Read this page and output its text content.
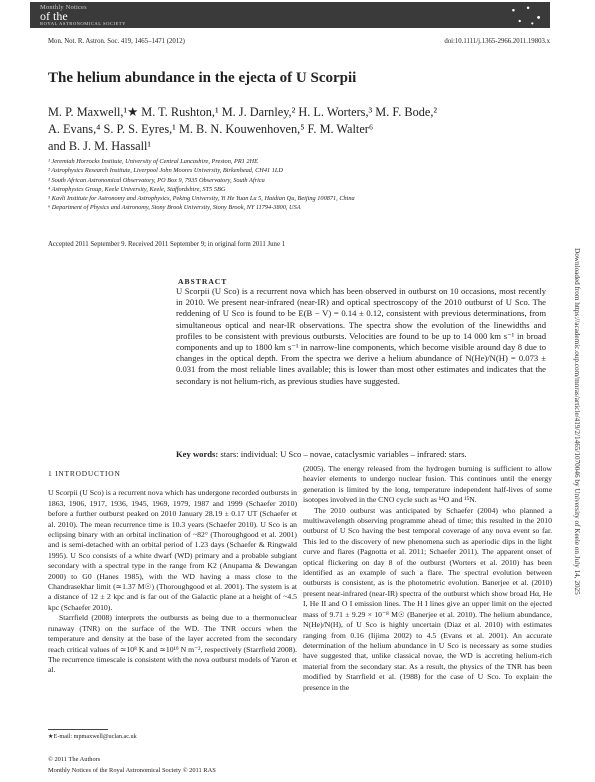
Monthly Notices
of the
ROYAL ASTRONOMICAL SOCIETY
Mon. Not. R. Astron. Soc. 419, 1465–1471 (2012)	doi:10.1111/j.1365-2966.2011.19803.x
The helium abundance in the ejecta of U Scorpii
M. P. Maxwell,¹★ M. T. Rushton,¹ M. J. Darnley,² H. L. Worters,³ M. F. Bode,²
A. Evans,⁴ S. P. S. Eyres,¹ M. B. N. Kouwenhoven,⁵ F. M. Walter⁶
and B. J. M. Hassall¹
¹ Jeremiah Horrocks Institute, University of Central Lancashire, Preston, PR1 2HE
² Astrophysics Research Institute, Liverpool John Moores University, Birkenhead, CH41 1LD
³ South African Astronomical Observatory, PO Box 9, 7935 Observatory, South Africa
⁴ Astrophysics Group, Keele University, Keele, Staffordshire, ST5 5BG
⁵ Kavli Institute for Astronomy and Astrophysics, Peking University, Yi He Yuan Lu 5, Haidian Qu, Beijing 100871, China
⁶ Department of Physics and Astronomy, Stony Brook University, Stony Brook, NY 11794-3800, USA
Accepted 2011 September 9. Received 2011 September 9; in original form 2011 June 1
ABSTRACT
U Scorpii (U Sco) is a recurrent nova which has been observed in outburst on 10 occasions, most recently in 2010. We present near-infrared (near-IR) and optical spectroscopy of the 2010 outburst of U Sco. The reddening of U Sco is found to be E(B − V) = 0.14 ± 0.12, consistent with previous determinations, from simultaneous optical and near-IR observations. The spectra show the evolution of the linewidths and profiles to be consistent with previous outbursts. Velocities are found to be up to 14 000 km s⁻¹ in broad components and up to 1800 km s⁻¹ in narrow-line components, which become visible around day 8 due to changes in the optical depth. From the spectra we derive a helium abundance of N(He)/N(H) = 0.073 ± 0.031 from the most reliable lines available; this is lower than most other estimates and indicates that the secondary is not helium-rich, as previous studies have suggested.
Key words: stars: individual: U Sco – novae, cataclysmic variables – infrared: stars.
1 INTRODUCTION

U Scorpii (U Sco) is a recurrent nova which has undergone recorded outbursts in 1863, 1906, 1917, 1936, 1945, 1969, 1979, 1987 and 1999 (Schaefer 2010) before a further outburst peaked on 2010 January 28.19 ± 0.17 UT (Schaefer et al. 2010). The mean recurrence time is 10.3 years (Schaefer 2010). U Sco is an eclipsing binary with an orbital inclination of ~82° (Thoroughgood et al. 2001) and is semi-detached with an orbital period of 1.23 days (Schaefer & Ringwald 1995). U Sco consists of a white dwarf (WD) primary and a probable subgiant secondary with a spectral type in the range from K2 (Anupama & Dewangan 2000) to G0 (Hanes 1985), with the WD having a mass close to the Chandrasekhar limit (≃1.37 M☉) (Thoroughgood et al. 2001). The system is at a distance of 12 ± 2 kpc and is far out of the Galactic plane at a height of ~4.5 kpc (Schaefer 2010).

Starrfield (2008) interprets the outbursts as being due to a thermonuclear runaway (TNR) on the surface of the WD. The TNR occurs when the temperature and density at the base of the layer accreted from the secondary reach critical values of ≃10⁸ K and ≃10¹⁹ N m⁻², respectively (Starrfield 2008). The recurrence timescale is consistent with the nova outburst models of Yaron et al.

(2005). The energy released from the hydrogen burning is sufficient to allow heavier elements to undergo nuclear fusion. This continues until the energy generation is limited by the long, temperature independent half-lives of some isotopes involved in the CNO cycle such as ¹⁴O and ¹⁵N.

The 2010 outburst was anticipated by Schaefer (2004) who planned a multiwavelength observing programme ahead of time; this resulted in the 2010 outburst of U Sco having the best temporal coverage of any nova event so far. This led to the discovery of new phenomena such as aperiodic dips in the light curve and flares (Pagnotta et al. 2011; Schaefer 2011). The apparent onset of optical flickering on day 8 of the outburst (Worters et al. 2010) has been identified as an example of such a flare. The spectral evolution between outbursts is consistent, as is the photometric evolution. Banerjee et al. (2010) present near-infrared (near-IR) spectra of the outburst which show broad Hα, He I, He II and O I emission lines. The H I lines give an upper limit on the ejected mass of 9.71 ± 9.29 × 10⁻⁸ M☉ (Banerjee et al. 2010). The helium abundance, N(He)/N(H), of U Sco is highly uncertain (Diaz et al. 2010) with estimates ranging from 0.16 (Iijima 2002) to 4.5 (Evans et al. 2001). An accurate determination of the helium abundance in U Sco is necessary as some studies have suggested that, unlike classical novae, the WD is accreting helium-rich material from the secondary star. As a result, the physics of the TNR has been modified by Starrfield et al. (1988) for the case of U Sco. To explain the presence in the

★E-mail: mpmaxwell@uclan.ac.uk
© 2011 The Authors
Monthly Notices of the Royal Astronomical Society © 2011 RAS
Downloaded from https://academic.oup.com/mnras/article/419/2/1465/1070046 by University of Keele on July 14, 2025
